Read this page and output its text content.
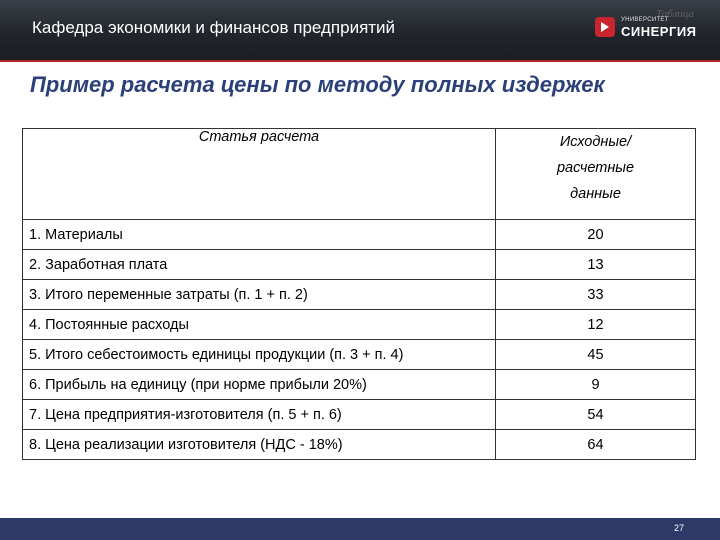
Кафедра экономики и финансов предприятий
Таблица
УНИВЕРСИТЕТ
СИНЕРГИЯ
Пример расчета цены по методу полных издержек
Статья расчета	Исходные/
расчетные
данные

1. Материалы	20
2. Заработная плата	13
3. Итого переменные затраты (п. 1 + п. 2)	33
4. Постоянные расходы	12
5. Итого себестоимость единицы продукции (п. 3 + п. 4)	45
6. Прибыль на единицу (при норме прибыли 20%)	9
7. Цена предприятия-изготовителя (п. 5 + п. 6)	54
8. Цена реализации изготовителя (НДС - 18%)	64
27
